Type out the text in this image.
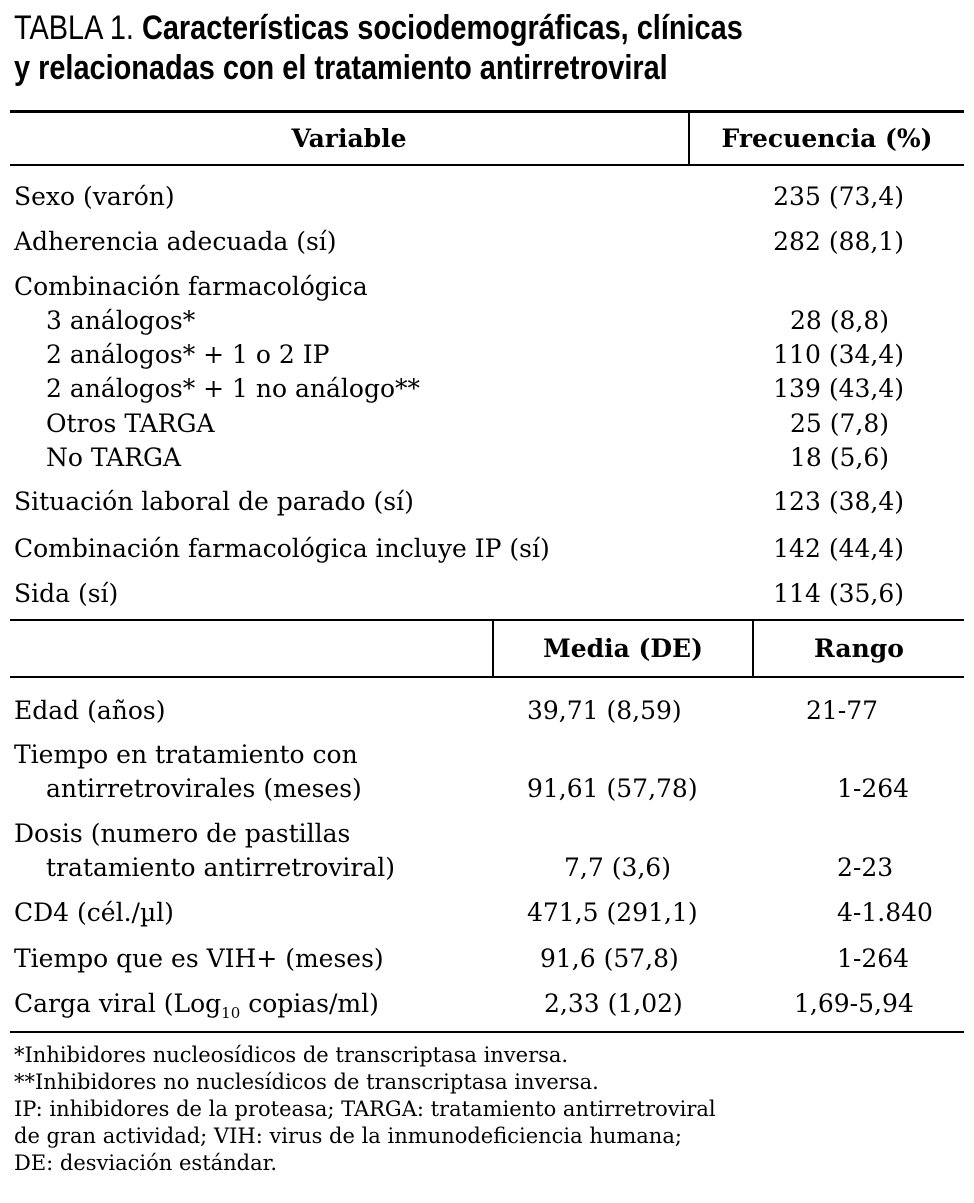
TABLA 1. Características sociodemográficas, clínicas
y relacionadas con el tratamiento antirretroviral
Variable	Frecuencia (%)
Sexo (varón)	235 (73,4)
Adherencia adecuada (sí)	282 (88,1)
Combinación farmacológica
3 análogos*	28 (8,8)
2 análogos* + 1 o 2 IP	110 (34,4)
2 análogos* + 1 no análogo**	139 (43,4)
Otros TARGA	25 (7,8)
No TARGA	18 (5,6)
Situación laboral de parado (sí)	123 (38,4)
Combinación farmacológica incluye IP (sí)	142 (44,4)
Sida (sí)	114 (35,6)
Media (DE)	Rango
Edad (años)	39,71 (8,59)	21-77
Tiempo en tratamiento con
antirretrovirales (meses)	91,61 (57,78)	1-264
Dosis (numero de pastillas
tratamiento antirretroviral)	7,7 (3,6)	2-23
CD4 (cél./µl)	471,5 (291,1)	4-1.840
Tiempo que es VIH+ (meses)	91,6 (57,8)	1-264
Carga viral (Log$_{10}$ copias/ml)	2,33 (1,02)	1,69-5,94
*Inhibidores nucleosídicos de transcriptasa inversa.
**Inhibidores no nuclesídicos de transcriptasa inversa.
IP: inhibidores de la proteasa; TARGA: tratamiento antirretroviral
de gran actividad; VIH: virus de la inmunodeficiencia humana;
DE: desviación estándar.
